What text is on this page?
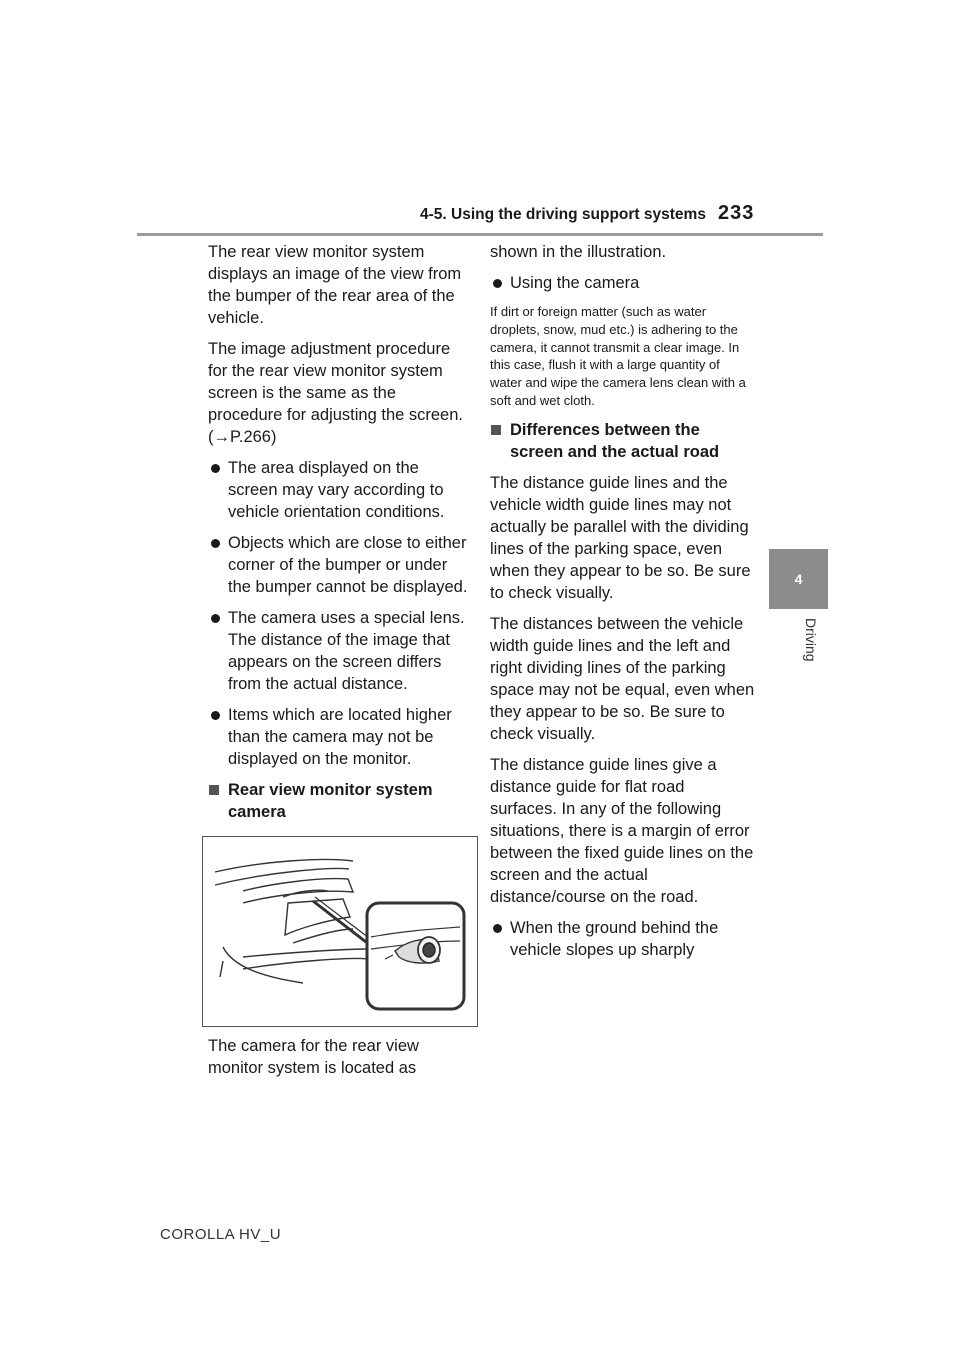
4-5. Using the driving support systems 233
4
Driving

The rear view monitor system displays an image of the view from the bumper of the rear area of the vehicle.

The image adjustment procedure for the rear view monitor system screen is the same as the procedure for adjusting the screen. (→P.266)

The area displayed on the screen may vary according to vehicle orientation conditions.

Objects which are close to either corner of the bumper or under the bumper cannot be displayed.

The camera uses a special lens. The distance of the image that appears on the screen differs from the actual distance.

Items which are located higher than the camera may not be displayed on the monitor.

Rear view monitor system camera

The camera for the rear view monitor system is located as

shown in the illustration.

Using the camera

If dirt or foreign matter (such as water droplets, snow, mud etc.) is adhering to the camera, it cannot transmit a clear image. In this case, flush it with a large quantity of water and wipe the camera lens clean with a soft and wet cloth.

Differences between the screen and the actual road

The distance guide lines and the vehicle width guide lines may not actually be parallel with the dividing lines of the parking space, even when they appear to be so. Be sure to check visually.

The distances between the vehicle width guide lines and the left and right dividing lines of the parking space may not be equal, even when they appear to be so. Be sure to check visually.

The distance guide lines give a distance guide for flat road surfaces. In any of the following situations, there is a margin of error between the fixed guide lines on the screen and the actual distance/course on the road.

When the ground behind the vehicle slopes up sharply

COROLLA HV_U
